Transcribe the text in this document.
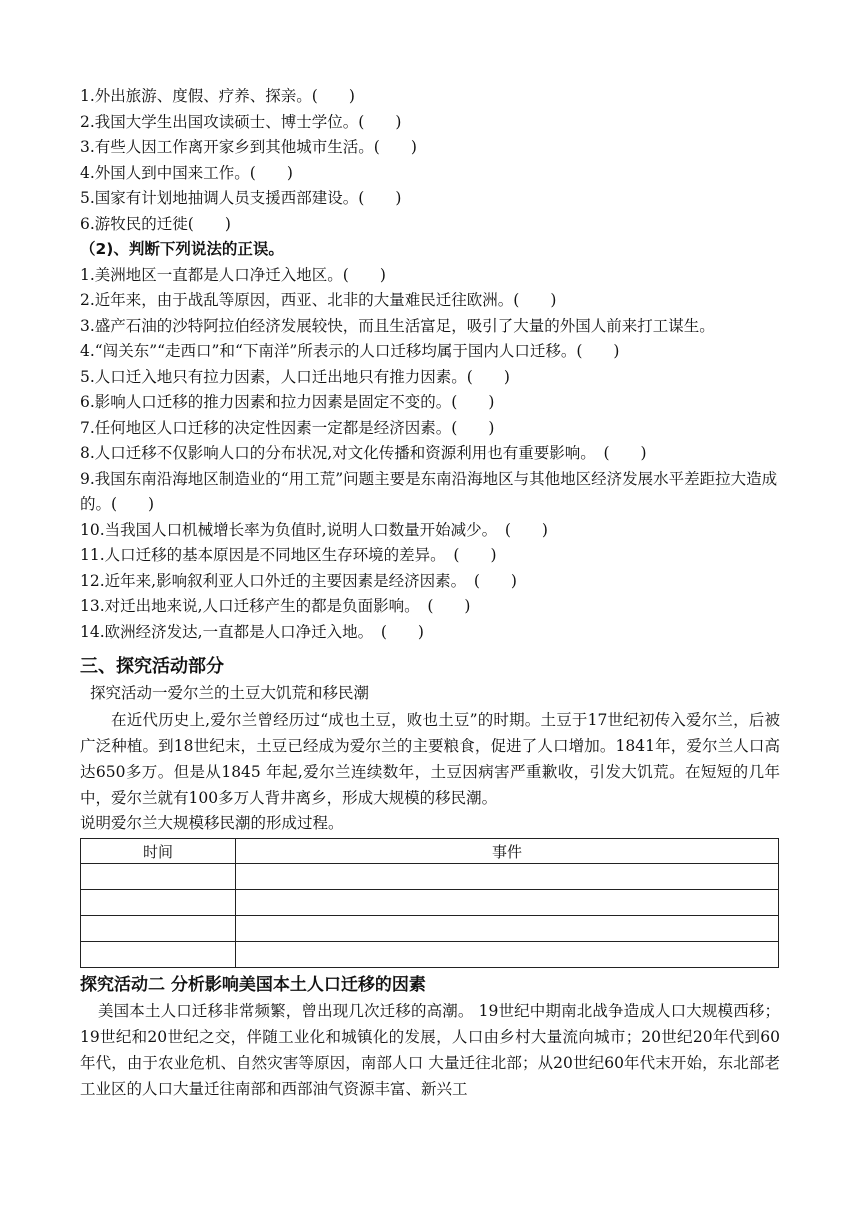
1.外出旅游、度假、疗养、探亲。(　　)
2.我国大学生出国攻读硕士、博士学位。(　　)
3.有些人因工作离开家乡到其他城市生活。(　　)
4.外国人到中国来工作。(　　)
5.国家有计划地抽调人员支援西部建设。(　　)
6.游牧民的迁徙(　　)
（2)、判断下列说法的正误。
1.美洲地区一直都是人口净迁入地区。(　　)
2.近年来，由于战乱等原因，西亚、北非的大量难民迁往欧洲。(　　)
3.盛产石油的沙特阿拉伯经济发展较快，而且生活富足，吸引了大量的外国人前来打工谋生。
4.“闯关东”“走西口”和“下南洋”所表示的人口迁移均属于国内人口迁移。(　　)
5.人口迁入地只有拉力因素，人口迁出地只有推力因素。(　　)
6.影响人口迁移的推力因素和拉力因素是固定不变的。(　　)
7.任何地区人口迁移的决定性因素一定都是经济因素。(　　)
8.人口迁移不仅影响人口的分布状况,对文化传播和资源利用也有重要影响。　(　　)
9.我国东南沿海地区制造业的“用工荒”问题主要是东南沿海地区与其他地区经济发展水平差距拉大造成的。(　　)
10.当我国人口机械增长率为负值时,说明人口数量开始减少。　(　　)
11.人口迁移的基本原因是不同地区生存环境的差异。　(　　)
12.近年来,影响叙利亚人口外迁的主要因素是经济因素。　(　　)
13.对迁出地来说,人口迁移产生的都是负面影响。　(　　)
14.欧洲经济发达,一直都是人口净迁入地。　(　　)
三、探究活动部分
探究活动一爱尔兰的土豆大饥荒和移民潮
在近代历史上,爱尔兰曾经历过“成也土豆，败也土豆”的时期。土豆于17世纪初传入爱尔兰，后被广泛种植。到18世纪末，土豆已经成为爱尔兰的主要粮食，促进了人口增加。1841年，爱尔兰人口高达650多万。但是从1845 年起,爱尔兰连续数年，土豆因病害严重歉收，引发大饥荒。在短短的几年中，爱尔兰就有100多万人背井离乡，形成大规模的移民潮。
说明爱尔兰大规模移民潮的形成过程。
时间	事件

探究活动二 分析影响美国本土人口迁移的因素
美国本土人口迁移非常频繁，曾出现几次迁移的高潮。 19世纪中期南北战争造成人口大规模西移；19世纪和20世纪之交，伴随工业化和城镇化的发展，人口由乡村大量流向城市；20世纪20年代到60年代，由于农业危机、自然灾害等原因，南部人口 大量迁往北部；从20世纪60年代末开始，东北部老工业区的人口大量迁往南部和西部油气资源丰富、新兴工
